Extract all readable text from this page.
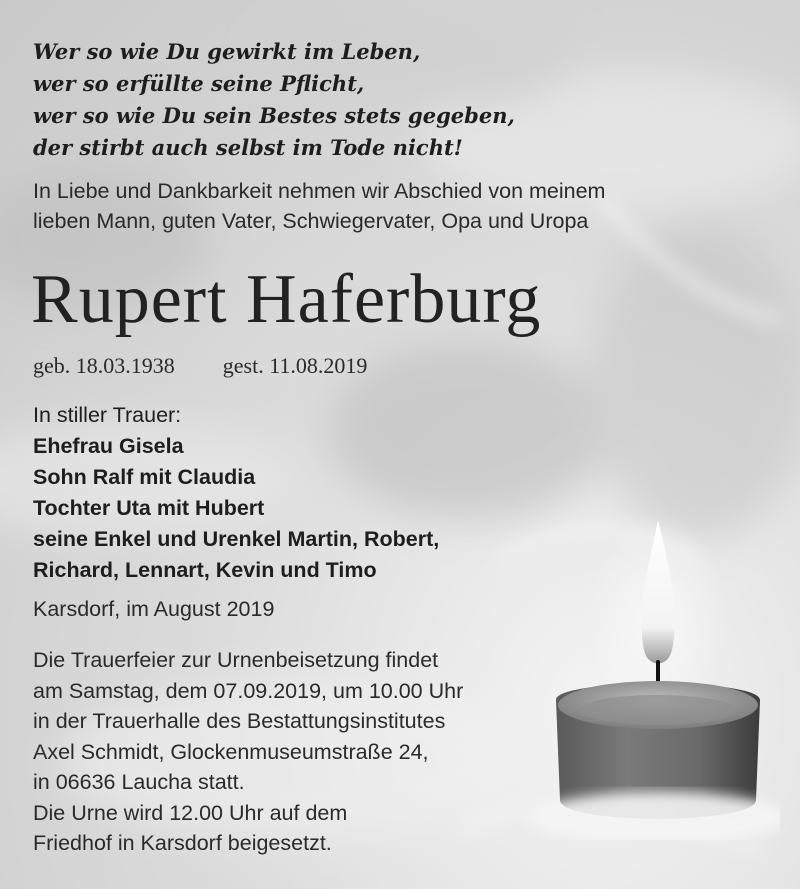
Wer so wie Du gewirkt im Leben,
wer so erfüllte seine Pflicht,
wer so wie Du sein Bestes stets gegeben,
der stirbt auch selbst im Tode nicht!
In Liebe und Dankbarkeit nehmen wir Abschied von meinem
lieben Mann, guten Vater, Schwiegervater, Opa und Uropa
Rupert Haferburg
geb. 18.03.1938 gest. 11.08.2019
In stiller Trauer:
Ehefrau Gisela
Sohn Ralf mit Claudia
Tochter Uta mit Hubert
seine Enkel und Urenkel Martin, Robert,
Richard, Lennart, Kevin und Timo
Karsdorf, im August 2019
Die Trauerfeier zur Urnenbeisetzung findet
am Samstag, dem 07.09.2019, um 10.00 Uhr
in der Trauerhalle des Bestattungsinstitutes
Axel Schmidt, Glockenmuseumstraße 24,
in 06636 Laucha statt.
Die Urne wird 12.00 Uhr auf dem
Friedhof in Karsdorf beigesetzt.
